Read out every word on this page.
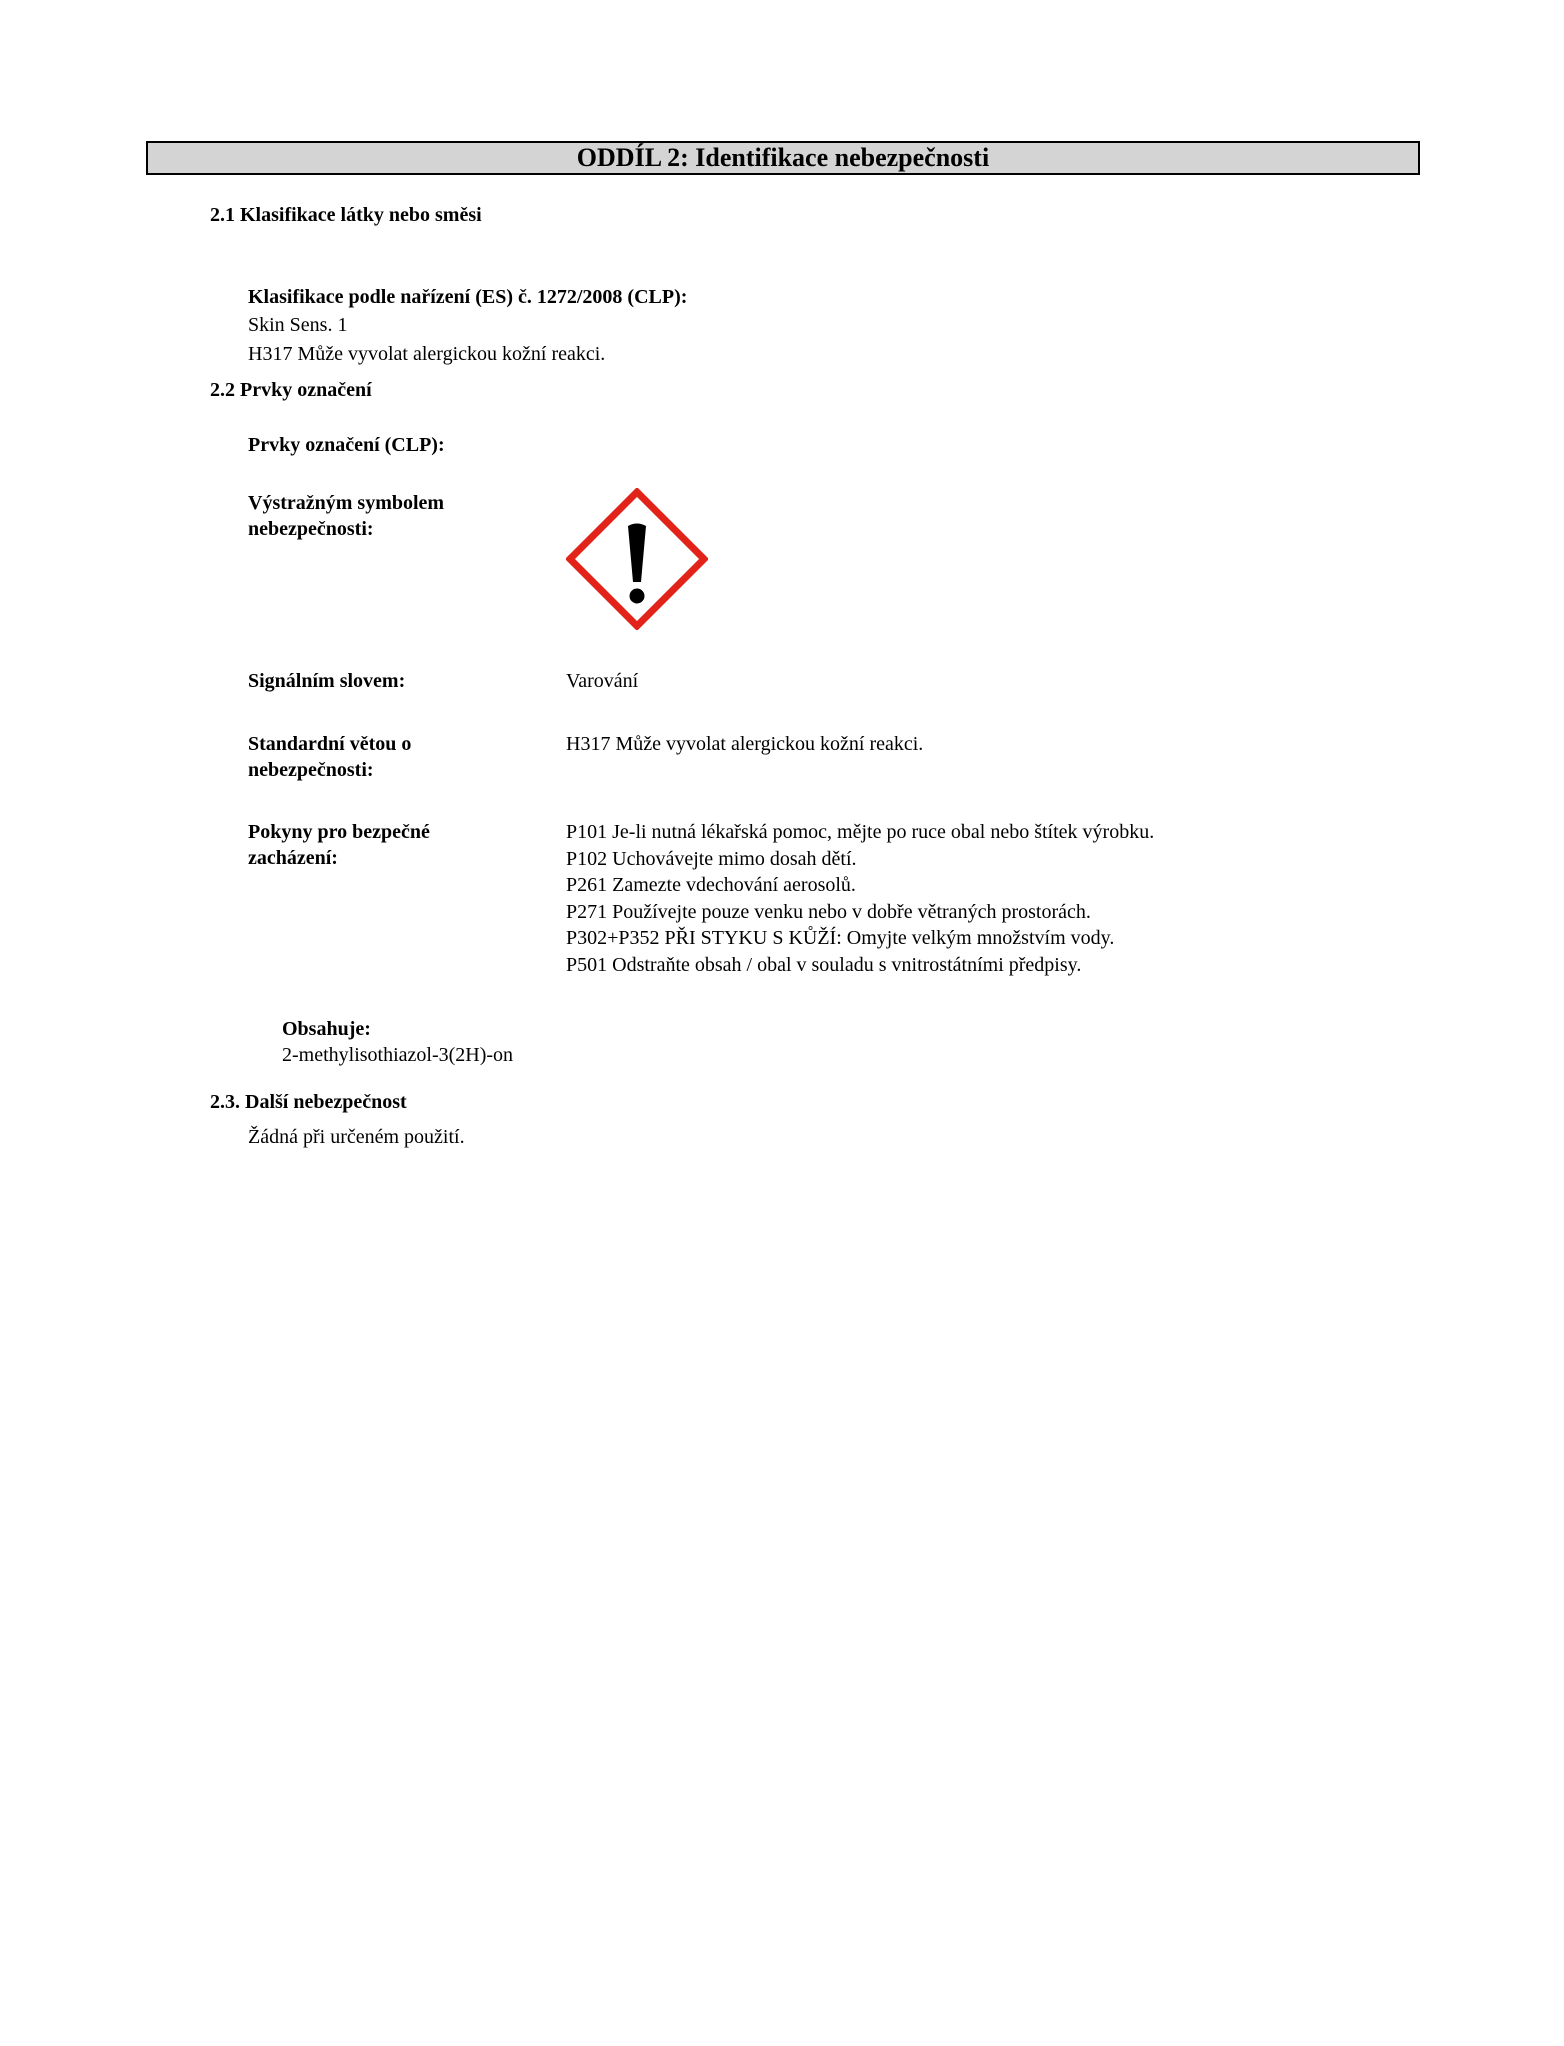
ODDÍL 2: Identifikace nebezpečnosti
2.1 Klasifikace látky nebo směsi
Klasifikace podle nařízení (ES) č. 1272/2008 (CLP):
Skin Sens. 1
H317 Může vyvolat alergickou kožní reakci.
2.2 Prvky označení
Prvky označení (CLP):
Výstražným symbolem
nebezpečnosti:
Signálním slovem:	Varování
Standardní větou o
nebezpečnosti:
H317 Může vyvolat alergickou kožní reakci.
Pokyny pro bezpečné
zacházení:
P101 Je-li nutná lékařská pomoc, mějte po ruce obal nebo štítek výrobku.
P102 Uchovávejte mimo dosah dětí.
P261 Zamezte vdechování aerosolů.
P271 Používejte pouze venku nebo v dobře větraných prostorách.
P302+P352 PŘI STYKU S KŮŽÍ: Omyjte velkým množstvím vody.
P501 Odstraňte obsah / obal v souladu s vnitrostátními předpisy.
Obsahuje:
2-methylisothiazol-3(2H)-on
2.3. Další nebezpečnost
Žádná při určeném použití.
